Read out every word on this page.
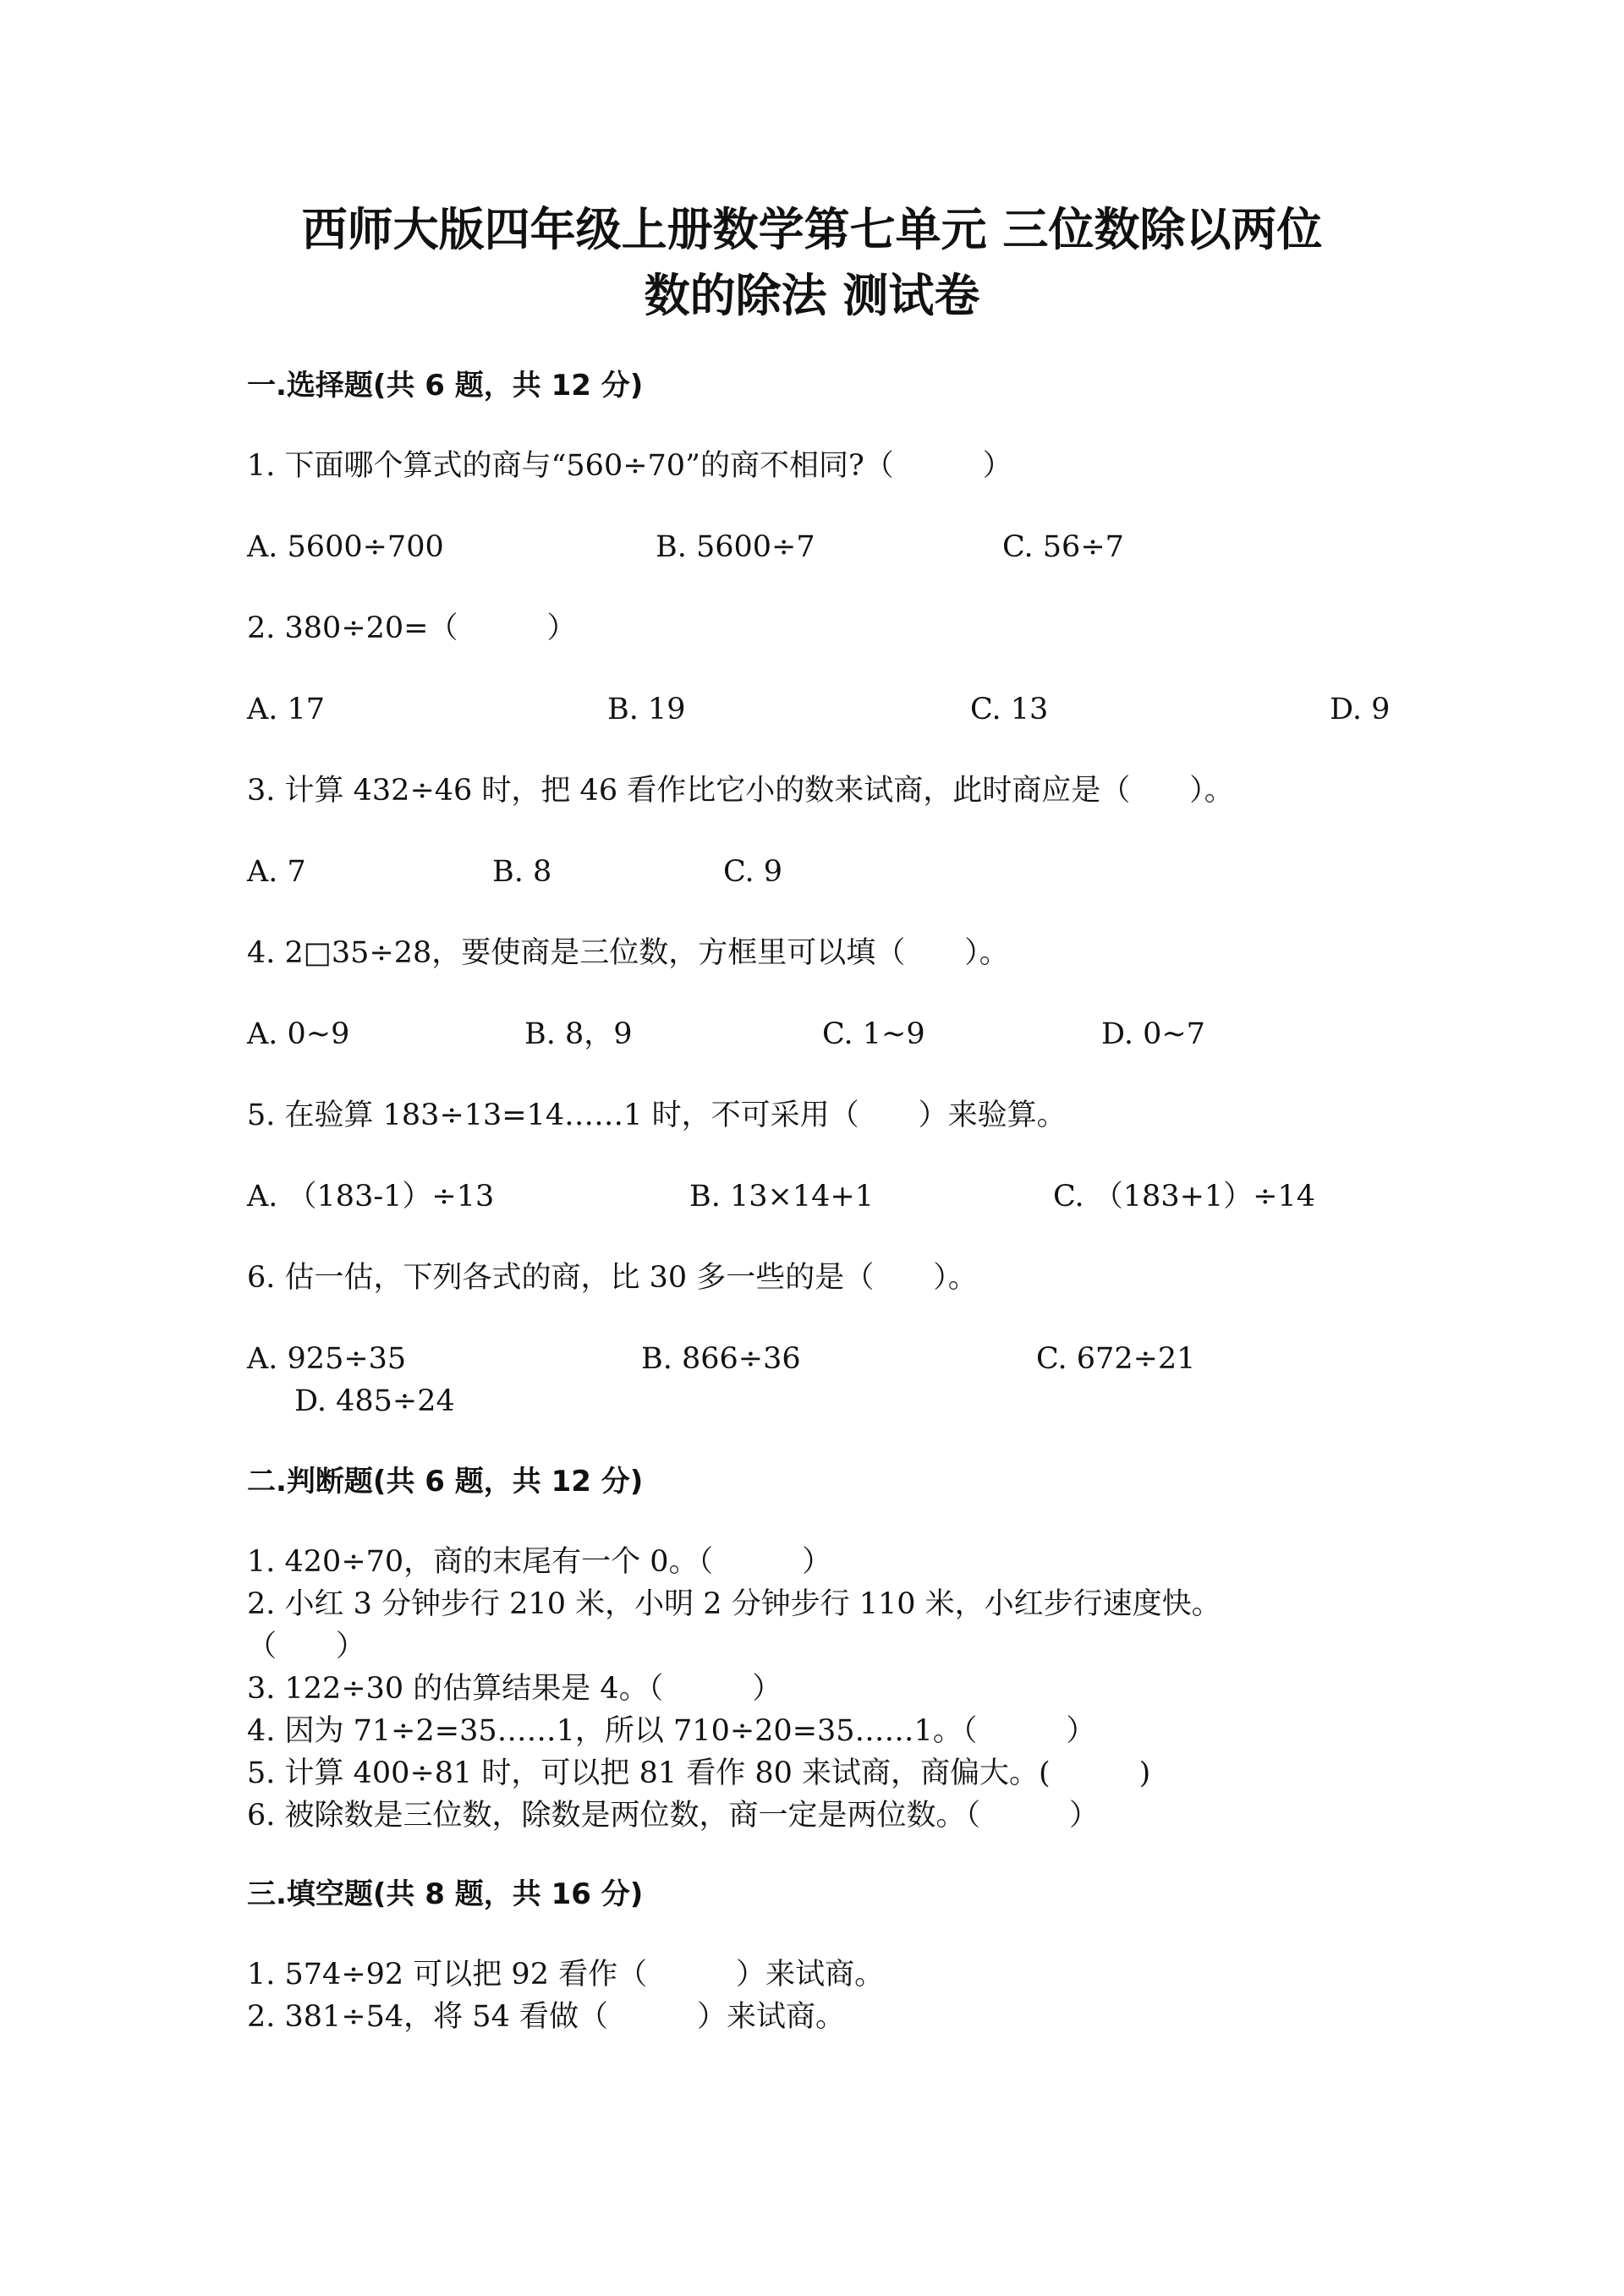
西师大版四年级上册数学第七单元 三位数除以两位
数的除法 测试卷
一.选择题(共 6 题，共 12 分)
1. 下面哪个算式的商与“560÷70”的商不相同?（　　　）
A. 5600÷700	B. 5600÷7	C. 56÷7
2. 380÷20=（　　　）
A. 17	B. 19	C. 13	D. 9
3. 计算 432÷46 时，把 46 看作比它小的数来试商，此时商应是（　　）。
A. 7	B. 8	C. 9
4. 2□35÷28，要使商是三位数，方框里可以填（　　）。
A. 0~9	B. 8，9	C. 1~9	D. 0~7
5. 在验算 183÷13=14……1 时，不可采用（　　）来验算。
A. （183-1）÷13	B. 13×14+1	C. （183+1）÷14
6. 估一估，下列各式的商，比 30 多一些的是（　　）。
A. 925÷35	B. 866÷36	C. 672÷21
D. 485÷24
二.判断题(共 6 题，共 12 分)
1. 420÷70，商的末尾有一个 0。（　　　）
2. 小红 3 分钟步行 210 米，小明 2 分钟步行 110 米，小红步行速度快。
（　　）
3. 122÷30 的估算结果是 4。（　　　）
4. 因为 71÷2=35……1，所以 710÷20=35……1。（　　　）
5. 计算 400÷81 时，可以把 81 看作 80 来试商，商偏大。(　　　)
6. 被除数是三位数，除数是两位数，商一定是两位数。（　　　）
三.填空题(共 8 题，共 16 分)
1. 574÷92 可以把 92 看作（　　　）来试商。
2. 381÷54，将 54 看做（　　　）来试商。
